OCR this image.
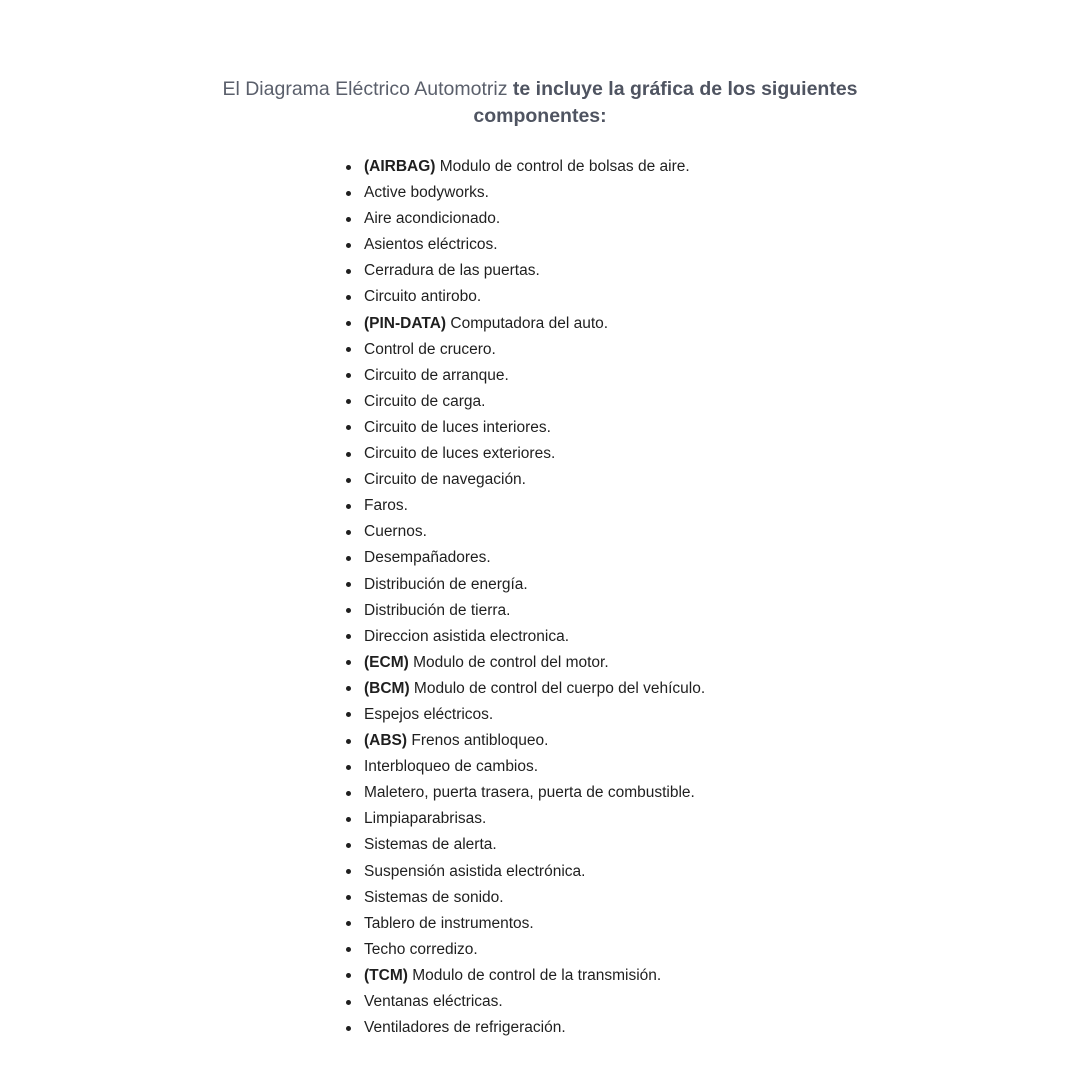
El Diagrama Eléctrico Automotriz te incluye la gráfica de los siguientes componentes:
(AIRBAG) Modulo de control de bolsas de aire.
Active bodyworks.
Aire acondicionado.
Asientos eléctricos.
Cerradura de las puertas.
Circuito antirobo.
(PIN-DATA) Computadora del auto.
Control de crucero.
Circuito de arranque.
Circuito de carga.
Circuito de luces interiores.
Circuito de luces exteriores.
Circuito de navegación.
Faros.
Cuernos.
Desempañadores.
Distribución de energía.
Distribución de tierra.
Direccion asistida electronica.
(ECM) Modulo de control del motor.
(BCM) Modulo de control del cuerpo del vehículo.
Espejos eléctricos.
(ABS) Frenos antibloqueo.
Interbloqueo de cambios.
Maletero, puerta trasera, puerta de combustible.
Limpiaparabrisas.
Sistemas de alerta.
Suspensión asistida electrónica.
Sistemas de sonido.
Tablero de instrumentos.
Techo corredizo.
(TCM) Modulo de control de la transmisión.
Ventanas eléctricas.
Ventiladores de refrigeración.
